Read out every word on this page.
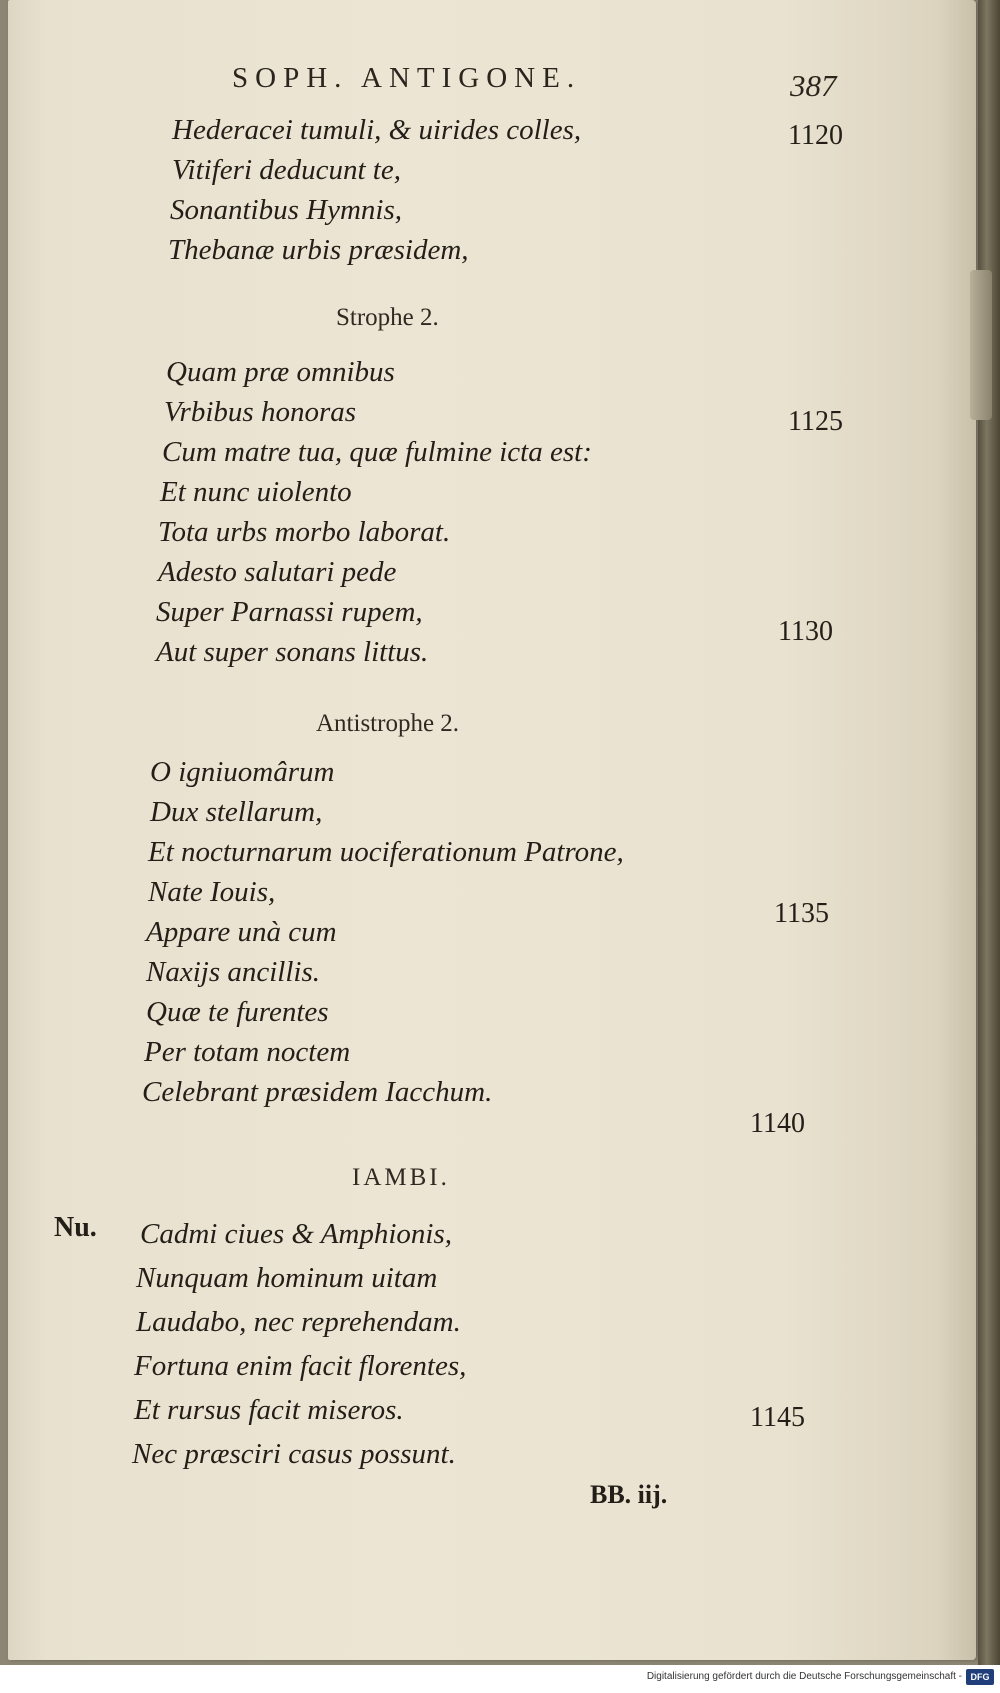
SOPH. ANTIGONE.	387
Hederacei tumuli, & uirides colles,
Vitiferi deducunt te,
Sonantibus Hymnis,
Thebanæ urbis præsidem,
Strophe 2.
Quam præ omnibus
Vrbibus honoras
Cum matre tua, quæ fulmine icta est:
Et nunc uiolento
Tota urbs morbo laborat.
Adesto salutari pede
Super Parnassi rupem,
Aut super sonans littus.
Antistrophe 2.
O igniuomârum
Dux stellarum,
Et nocturnarum uociferationum Patrone,
Nate Iouis,
Appare unà cum
Naxijs ancillis.
Quæ te furentes
Per totam noctem
Celebrant præsidem Iacchum.
IAMBI.
Nu. Cadmi ciues & Amphionis,
Nunquam hominum uitam
Laudabo, nec reprehendam.
Fortuna enim facit florentes,
Et rursus facit miseros.
Nec præsciri casus possunt.
1120
1125
1130
1135
1140
1145
BB. iij.
Digitalisierung gefördert durch die Deutsche Forschungsgemeinschaft - DFG
